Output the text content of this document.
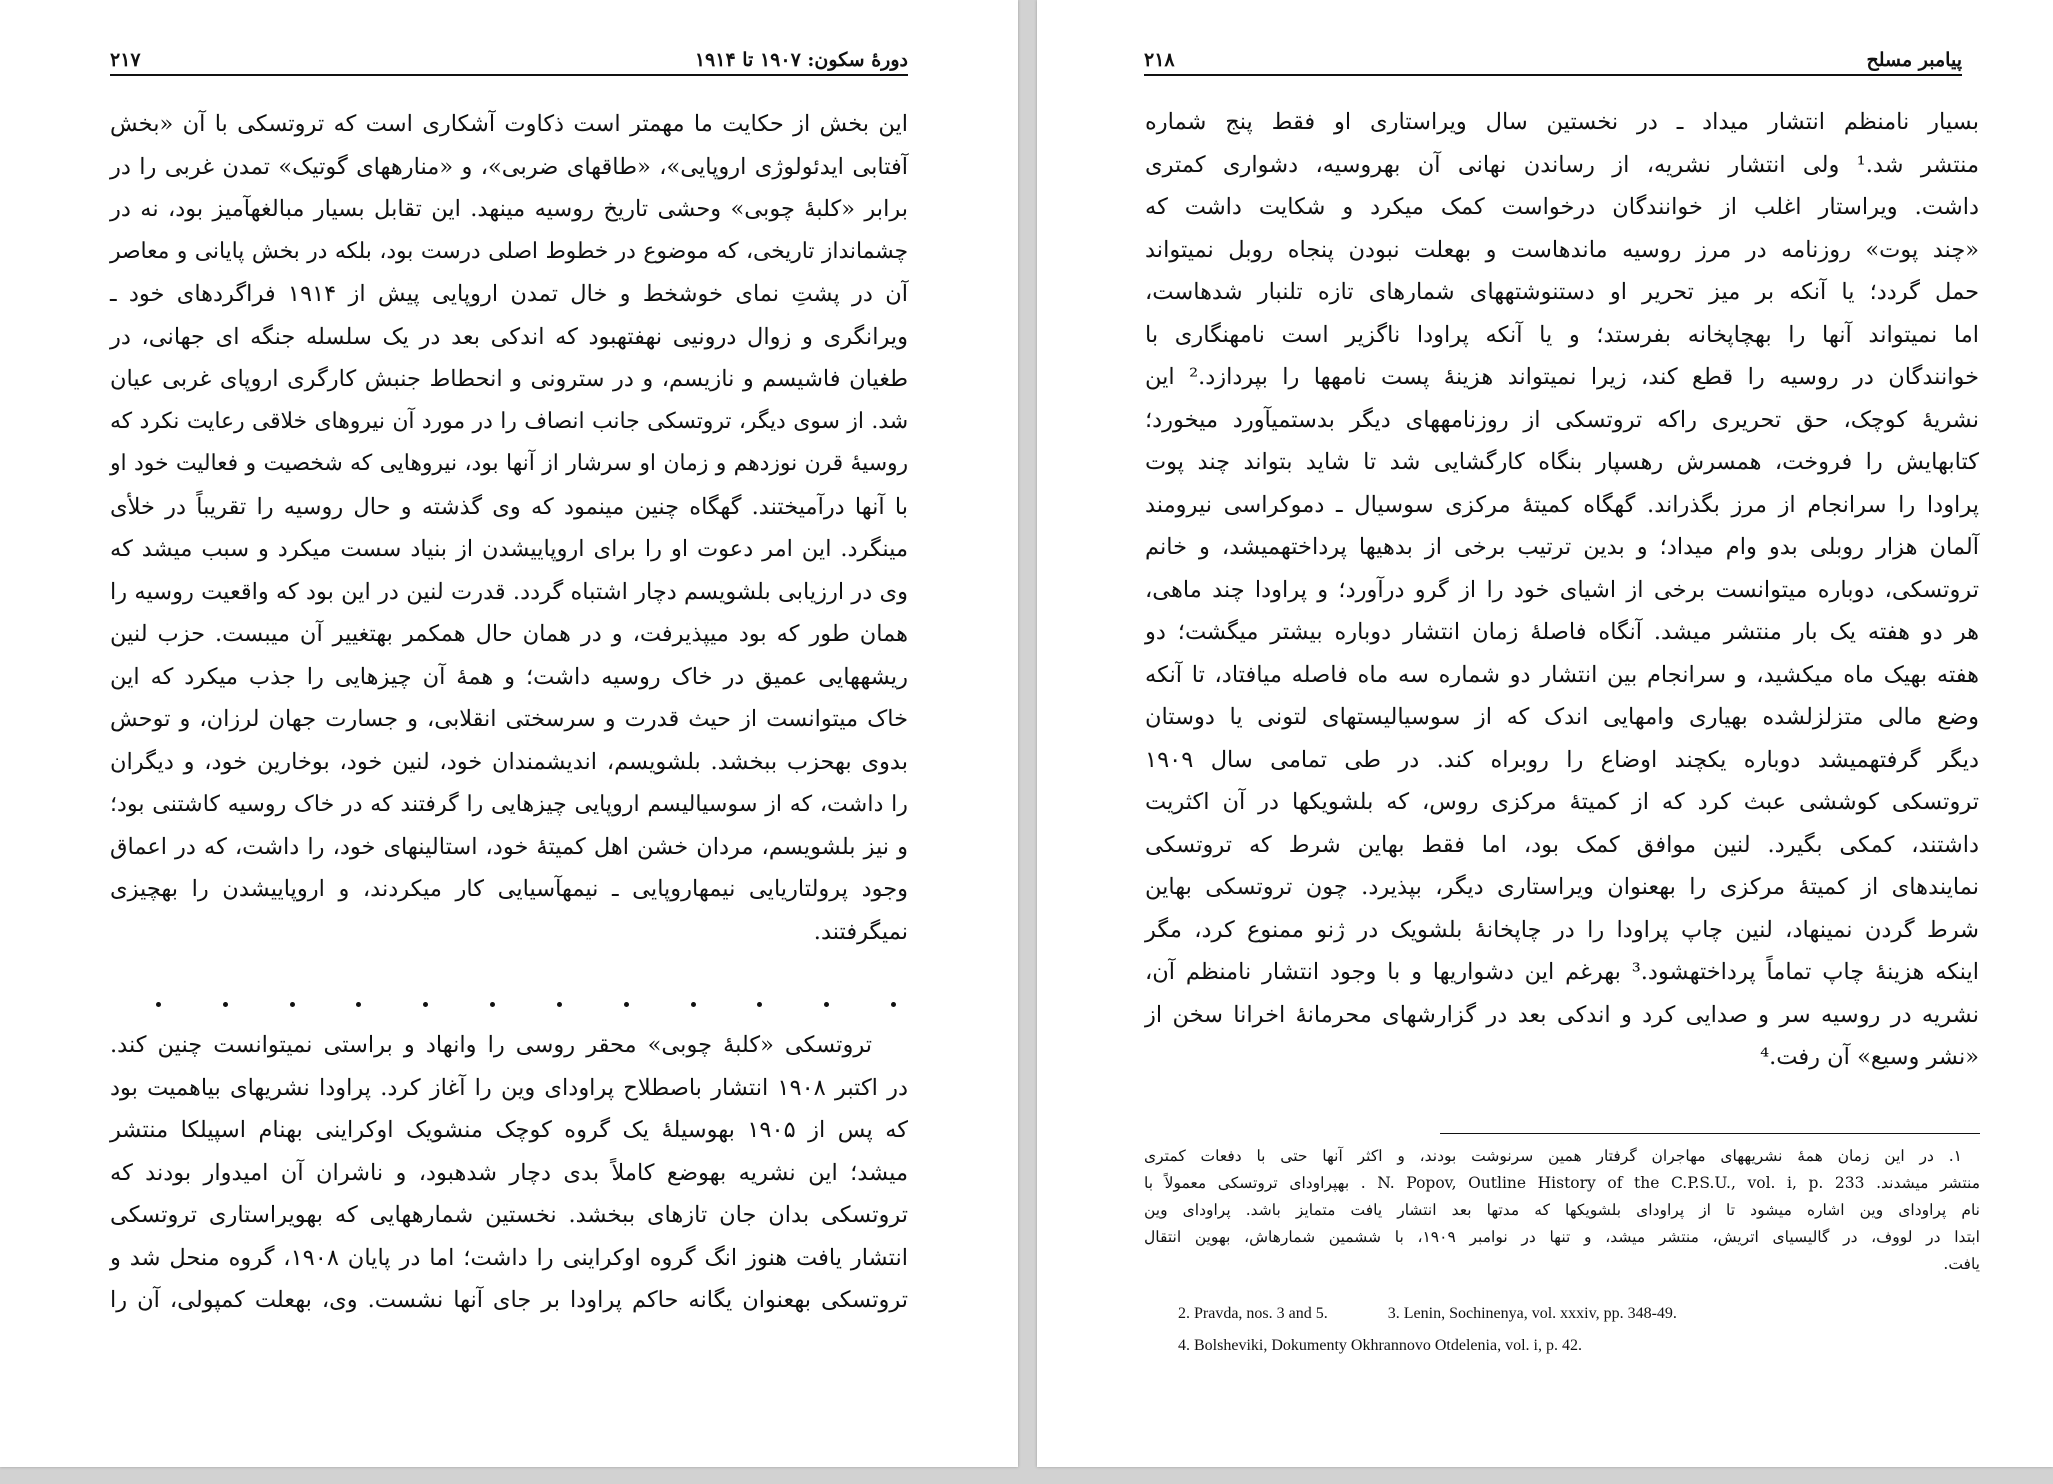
۲۱۷	دورهٔ سکون: ۱۹۰۷ تا ۱۹۱۴
این بخش از حکایت ما مهمتر است ذکاوت آشکاری است که تروتسکی با آن «بخش
آفتابی ایدئولوژی اروپایی»، «طاقهای ضربی»، و «منارههای گوتیک» تمدن غربی را در
برابر «کلبهٔ چوبی» وحشی تاریخ روسیه مینهد. این تقابل بسیار مبالغهآمیز بود، نه در
چشمانداز تاریخی، که موضوع در خطوط اصلی درست بود، بلکه در بخش پایانی و معاصر
آن در پشتِ نمای خوشخط و خال تمدن اروپایی پیش از ۱۹۱۴ فراگردهای خود ـ
ویرانگری و زوال درونیی نهفتهبود که اندکی بعد در یک سلسله جنگه ای جهانی، در
طغیان فاشیسم و نازیسم، و در سترونی و انحطاط جنبش کارگری اروپای غربی عیان
شد. از سوی دیگر، تروتسکی جانب انصاف را در مورد آن نیروهای خلاقی رعایت نکرد که
روسیهٔ قرن نوزدهم و زمان او سرشار از آنها بود، نیروهایی که شخصیت و فعالیت خود او
با آنها درآمیختند. گهگاه چنین مینمود که وی گذشته و حال روسیه را تقریباً در خلأی
مینگرد. این امر دعوت او را برای اروپاییشدن از بنیاد سست میکرد و سبب میشد که
وی در ارزیابی بلشویسم دچار اشتباه گردد. قدرت لنین در این بود که واقعیت روسیه را
همان طور که بود میپذیرفت، و در همان حال همکمر بهتغییر آن میبست. حزب لنین
ریشههایی عمیق در خاک روسیه داشت؛ و همهٔ آن چیزهایی را جذب میکرد که این
خاک میتوانست از حیث قدرت و سرسختی انقلابی، و جسارت جهان لرزان، و توحش
بدوی بهحزب ببخشد. بلشویسم، اندیشمندان خود، لنین خود، بوخارین خود، و دیگران
را داشت، که از سوسیالیسم اروپایی چیزهایی را گرفتند که در خاک روسیه کاشتنی بود؛
و نیز بلشویسم، مردان خشن اهل کمیتهٔ خود، استالینهای خود، را داشت، که در اعماق
وجود پرولتاریایی نیمهاروپایی ـ نیمهآسیایی کار میکردند، و اروپاییشدن را بهچیزی
نمیگرفتند.
تروتسکی «کلبهٔ چوبی» محقر روسی را وانهاد و براستی نمیتوانست چنین کند.
در اکتبر ۱۹۰۸ انتشار باصطلاح پراودای وین را آغاز کرد. پراودا نشریهای بیاهمیت بود
که پس از ۱۹۰۵ بهوسیلهٔ یک گروه کوچک منشویک اوکراینی بهنام اسپیلکا منتشر
میشد؛ این نشریه بهوضع کاملاً بدی دچار شدهبود، و ناشران آن امیدوار بودند که
تروتسکی بدان جان تازهای ببخشد. نخستین شمارههایی که بهویراستاری تروتسکی
انتشار یافت هنوز انگ گروه اوکراینی را داشت؛ اما در پایان ۱۹۰۸، گروه منحل شد و
تروتسکی بهعنوان یگانه حاکم پراودا بر جای آنها نشست. وی، بهعلت کمپولی، آن را
۲۱۸	پیامبر مسلح
بسیار نامنظم انتشار میداد ـ در نخستین سال ویراستاری او فقط پنج شماره
منتشر شد.¹ ولی انتشار نشریه، از رساندن نهانی آن بهروسیه، دشواری کمتری
داشت. ویراستار اغلب از خوانندگان درخواست کمک میکرد و شکایت داشت که
«چند پوت» روزنامه در مرز روسیه ماندهاست و بهعلت نبودن پنجاه روبل نمیتواند
حمل گردد؛ یا آنکه بر میز تحریر او دستنوشتههای شمارهای تازه تلنبار شدهاست،
اما نمیتواند آنها را بهچاپخانه بفرستد؛ و یا آنکه پراودا ناگزیر است نامهنگاری با
خوانندگان در روسیه را قطع کند، زیرا نمیتواند هزینهٔ پست نامهها را بپردازد.² این
نشریهٔ کوچک، حق تحریری راکه تروتسکی از روزنامههای دیگر بدستمیآورد میخورد؛
کتابهایش را فروخت، همسرش رهسپار بنگاه کارگشایی شد تا شاید بتواند چند پوت
پراودا را سرانجام از مرز بگذراند. گهگاه کمیتهٔ مرکزی سوسیال ـ دموکراسی نیرومند
آلمان هزار روبلی بدو وام میداد؛ و بدین ترتیب برخی از بدهیها پرداختهمیشد، و خانم
تروتسکی، دوباره میتوانست برخی از اشیای خود را از گرو درآورد؛ و پراودا چند ماهی،
هر دو هفته یک بار منتشر میشد. آنگاه فاصلهٔ زمان انتشار دوباره بیشتر میگشت؛ دو
هفته بهیک ماه میکشید، و سرانجام بین انتشار دو شماره سه ماه فاصله میافتاد، تا آنکه
وضع مالی متزلزلشده بهیاری وامهایی اندک که از سوسیالیستهای لتونی یا دوستان
دیگر گرفتهمیشد دوباره یکچند اوضاع را روبراه کند. در طی تمامی سال ۱۹۰۹
تروتسکی کوششی عبث کرد که از کمیتهٔ مرکزی روس، که بلشویکها در آن اکثریت
داشتند، کمکی بگیرد. لنین موافق کمک بود، اما فقط بهاین شرط که تروتسکی
نمایندهای از کمیتهٔ مرکزی را بهعنوان ویراستاری دیگر، بپذیرد. چون تروتسکی بهاین
شرط گردن نمینهاد، لنین چاپ پراودا را در چاپخانهٔ بلشویک در ژنو ممنوع کرد، مگر
اینکه هزینهٔ چاپ تماماً پرداختهشود.³ بهرغم این دشواریها و با وجود انتشار نامنظم آن،
نشریه در روسیه سر و صدایی کرد و اندکی بعد در گزارشهای محرمانهٔ اخرانا سخن از
«نشر وسیع» آن رفت.⁴
۱. در این زمان همهٔ نشریههای مهاجران گرفتار همین سرنوشت بودند، و اکثر آنها حتی با دفعات کمتری
منتشر میشدند. N. Popov, Outline History of the C.P.S.U., vol. i, p. 233 . بهپراودای تروتسکی معمولاً با
نام پراودای وین اشاره میشود تا از پراودای بلشویکها که مدتها بعد انتشار یافت متمایز باشد. پراودای وین
ابتدا در لووف، در گالیسیای اتریش، منتشر میشد، و تنها در نوامبر ۱۹۰۹، با ششمین شمارهاش، بهوین انتقال
یافت.
2. Pravda, nos. 3 and 5.	3. Lenin, Sochinenya, vol. xxxiv, pp. 348-49.
4. Bolsheviki, Dokumenty Okhrannovo Otdelenia, vol. i, p. 42.
